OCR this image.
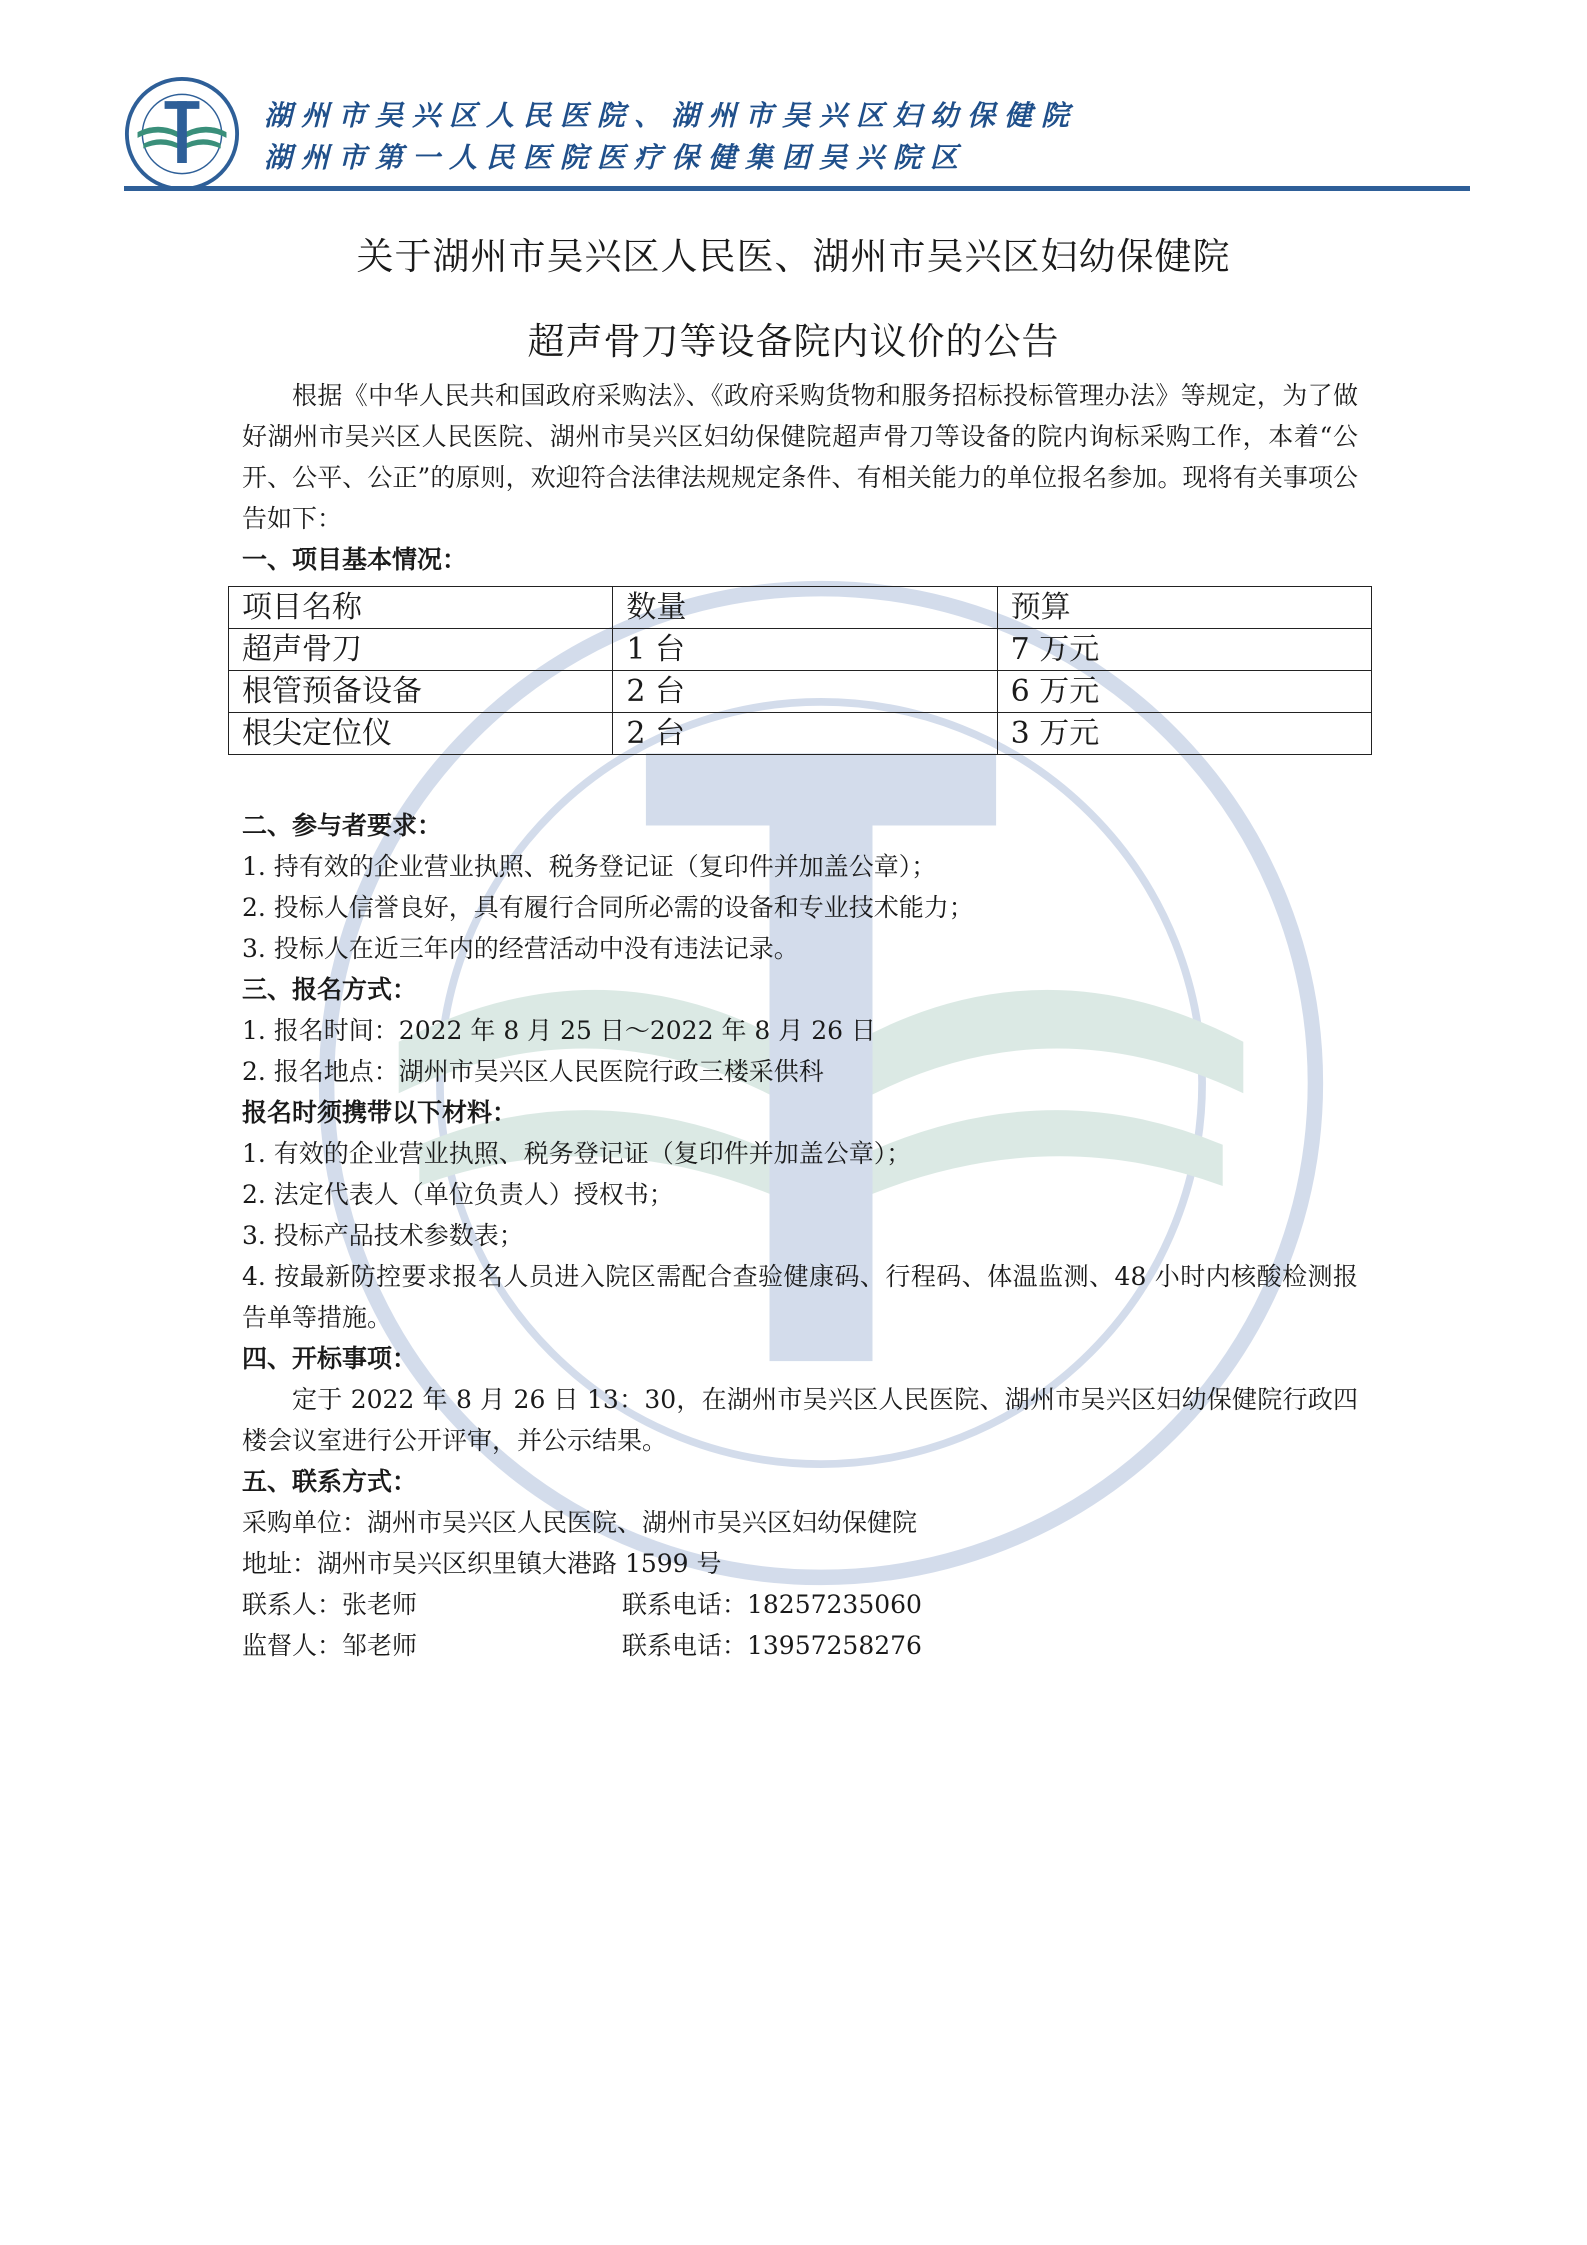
湖州市吴兴区人民医院、湖州市吴兴区妇幼保健院
湖州市第一人民医院医疗保健集团吴兴院区
关于湖州市吴兴区人民医、湖州市吴兴区妇幼保健院
超声骨刀等设备院内议价的公告

根据《中华人民共和国政府采购法》、《政府采购货物和服务招标投标管理办法》等规定，为了做好湖州市吴兴区人民医院、湖州市吴兴区妇幼保健院超声骨刀等设备的院内询标采购工作，本着“公开、公平、公正”的原则，欢迎符合法律法规规定条件、有相关能力的单位报名参加。现将有关事项公告如下：

一、项目基本情况：
项目名称	数量	预算
超声骨刀	1 台	7 万元
根管预备设备	2 台	6 万元
根尖定位仪	2 台	3 万元
二、参与者要求：
1. 持有效的企业营业执照、税务登记证（复印件并加盖公章）；
2. 投标人信誉良好，具有履行合同所必需的设备和专业技术能力；
3. 投标人在近三年内的经营活动中没有违法记录。
三、报名方式：
1. 报名时间：2022 年 8 月 25 日～2022 年 8 月 26 日
2. 报名地点：湖州市吴兴区人民医院行政三楼采供科
报名时须携带以下材料：
1. 有效的企业营业执照、税务登记证（复印件并加盖公章）；
2. 法定代表人（单位负责人）授权书；
3. 投标产品技术参数表；

4. 按最新防控要求报名人员进入院区需配合查验健康码、行程码、体温监测、48 小时内核酸检测报告单等措施。

四、开标事项：

定于 2022 年 8 月 26 日 13：30，在湖州市吴兴区人民医院、湖州市吴兴区妇幼保健院行政四楼会议室进行公开评审，并公示结果。

五、联系方式：
采购单位：湖州市吴兴区人民医院、湖州市吴兴区妇幼保健院
地址：湖州市吴兴区织里镇大港路 1599 号
联系人：张老师	联系电话：18257235060
监督人：邹老师	联系电话：13957258276
